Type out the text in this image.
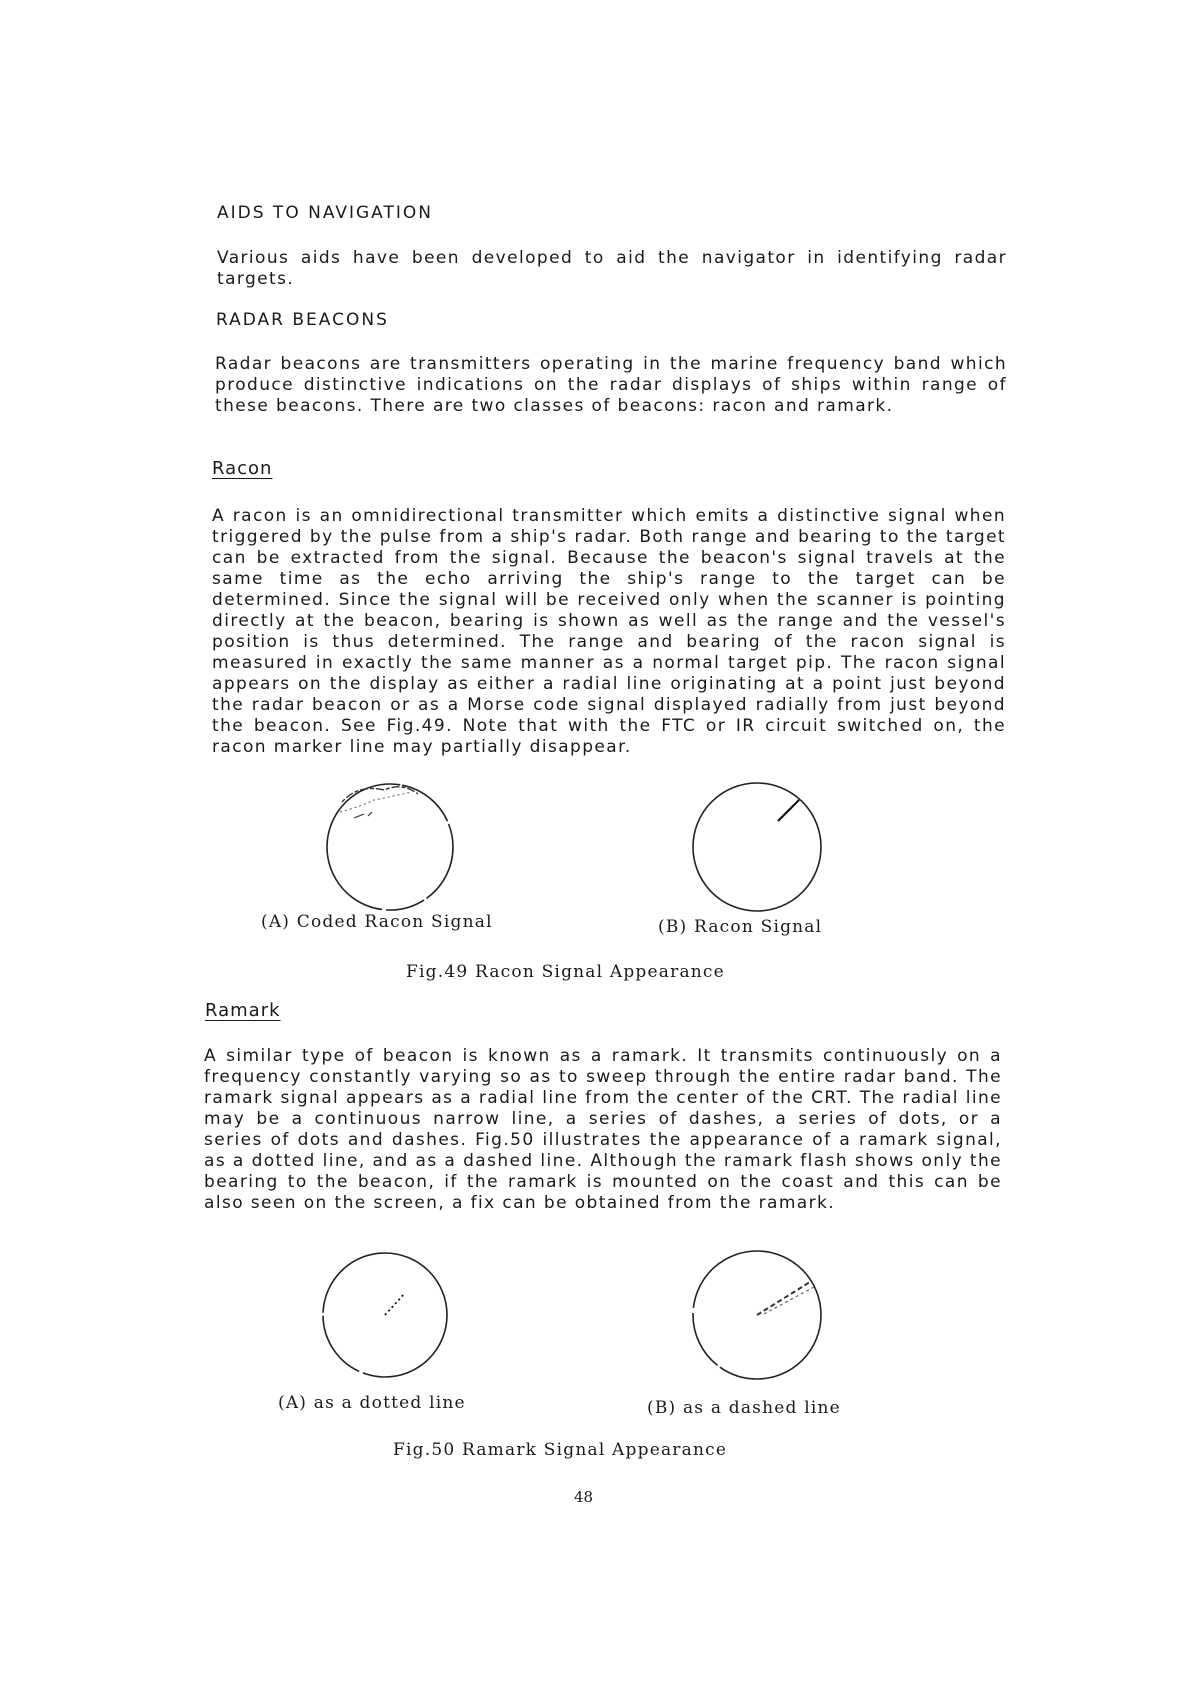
AIDS TO NAVIGATION
Various aids have been developed to aid the navigator in identifying radar targets.
RADAR BEACONS
Radar beacons are transmitters operating in the marine frequency band which produce distinctive indications on the radar displays of ships within range of these beacons. There are two classes of beacons: racon and ramark.
Racon
A racon is an omnidirectional transmitter which emits a distinctive signal when triggered by the pulse from a ship's radar. Both range and bearing to the target can be extracted from the signal. Because the beacon's signal travels at the same time as the echo arriving the ship's range to the target can be determined. Since the signal will be received only when the scanner is pointing directly at the beacon, bearing is shown as well as the range and the vessel's position is thus determined. The range and bearing of the racon signal is measured in exactly the same manner as a normal target pip. The racon signal appears on the display as either a radial line originating at a point just beyond the radar beacon or as a Morse code signal displayed radially from just beyond the beacon. See Fig.49. Note that with the FTC or IR circuit switched on, the racon marker line may partially disappear.
(A) Coded Racon Signal	(B) Racon Signal
Fig.49 Racon Signal Appearance
Ramark
A similar type of beacon is known as a ramark. It transmits continuously on a frequency constantly varying so as to sweep through the entire radar band. The ramark signal appears as a radial line from the center of the CRT. The radial line may be a continuous narrow line, a series of dashes, a series of dots, or a series of dots and dashes. Fig.50 illustrates the appearance of a ramark signal, as a dotted line, and as a dashed line. Although the ramark flash shows only the bearing to the beacon, if the ramark is mounted on the coast and this can be also seen on the screen, a fix can be obtained from the ramark.
(A) as a dotted line	(B) as a dashed line
Fig.50 Ramark Signal Appearance
48
